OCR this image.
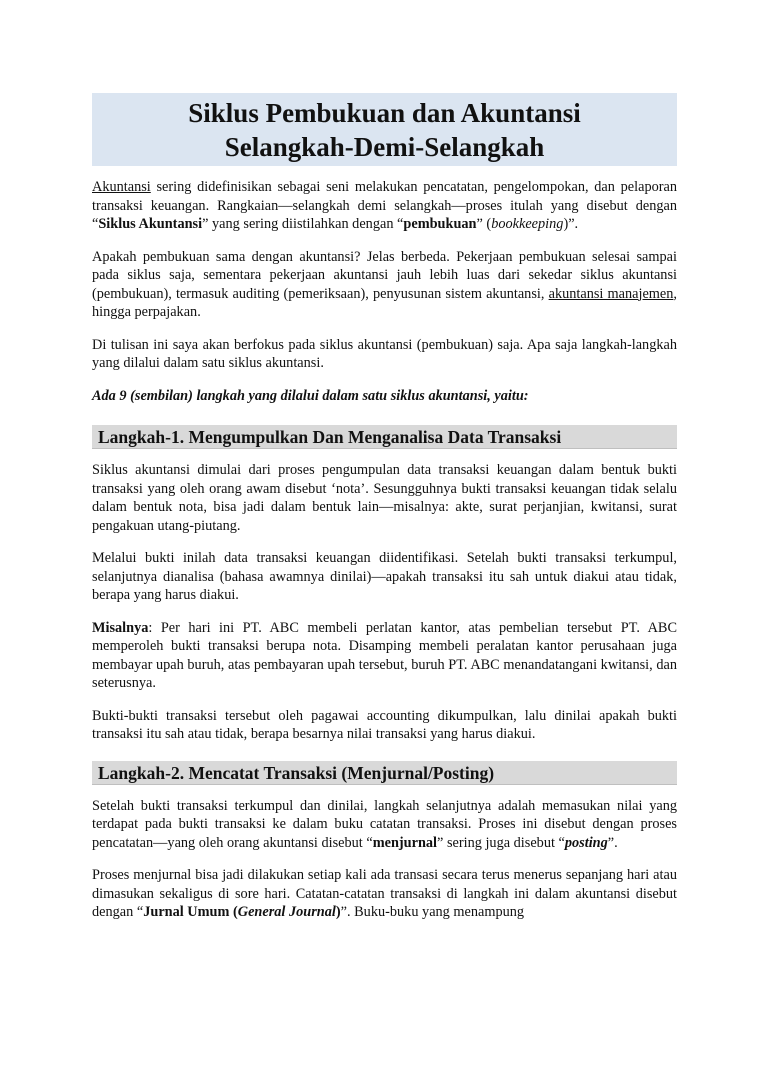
Siklus Pembukuan dan Akuntansi
Selangkah-Demi-Selangkah

Akuntansi sering didefinisikan sebagai seni melakukan pencatatan, pengelompokan, dan pelaporan transaksi keuangan. Rangkaian—selangkah demi selangkah—proses itulah yang disebut dengan “Siklus Akuntansi” yang sering diistilahkan dengan “pembukuan” (bookkeeping)”.

Apakah pembukuan sama dengan akuntansi? Jelas berbeda. Pekerjaan pembukuan selesai sampai pada siklus saja, sementara pekerjaan akuntansi jauh lebih luas dari sekedar siklus akuntansi (pembukuan), termasuk auditing (pemeriksaan), penyusunan sistem akuntansi, akuntansi manajemen, hingga perpajakan.

Di tulisan ini saya akan berfokus pada siklus akuntansi (pembukuan) saja. Apa saja langkah-langkah yang dilalui dalam satu siklus akuntansi.

Ada 9 (sembilan) langkah yang dilalui dalam satu siklus akuntansi, yaitu:

Langkah-1. Mengumpulkan Dan Menganalisa Data Transaksi

Siklus akuntansi dimulai dari proses pengumpulan data transaksi keuangan dalam bentuk bukti transaksi yang oleh orang awam disebut ‘nota’. Sesungguhnya bukti transaksi keuangan tidak selalu dalam bentuk nota, bisa jadi dalam bentuk lain—misalnya: akte, surat perjanjian, kwitansi, surat pengakuan utang-piutang.

Melalui bukti inilah data transaksi keuangan diidentifikasi. Setelah bukti transaksi terkumpul, selanjutnya dianalisa (bahasa awamnya dinilai)—apakah transaksi itu sah untuk diakui atau tidak, berapa yang harus diakui.

Misalnya: Per hari ini PT. ABC membeli perlatan kantor, atas pembelian tersebut PT. ABC memperoleh bukti transaksi berupa nota. Disamping membeli peralatan kantor perusahaan juga membayar upah buruh, atas pembayaran upah tersebut, buruh PT. ABC menandatangani kwitansi, dan seterusnya.

Bukti-bukti transaksi tersebut oleh pagawai accounting dikumpulkan, lalu dinilai apakah bukti transaksi itu sah atau tidak, berapa besarnya nilai transaksi yang harus diakui.

Langkah-2. Mencatat Transaksi (Menjurnal/Posting)

Setelah bukti transaksi terkumpul dan dinilai, langkah selanjutnya adalah memasukan nilai yang terdapat pada bukti transaksi ke dalam buku catatan transaksi. Proses ini disebut dengan proses pencatatan—yang oleh orang akuntansi disebut “menjurnal” sering juga disebut “posting”.

Proses menjurnal bisa jadi dilakukan setiap kali ada transasi secara terus menerus sepanjang hari atau dimasukan sekaligus di sore hari. Catatan-catatan transaksi di langkah ini dalam akuntansi disebut dengan “Jurnal Umum (General Journal)”. Buku-buku yang menampung
